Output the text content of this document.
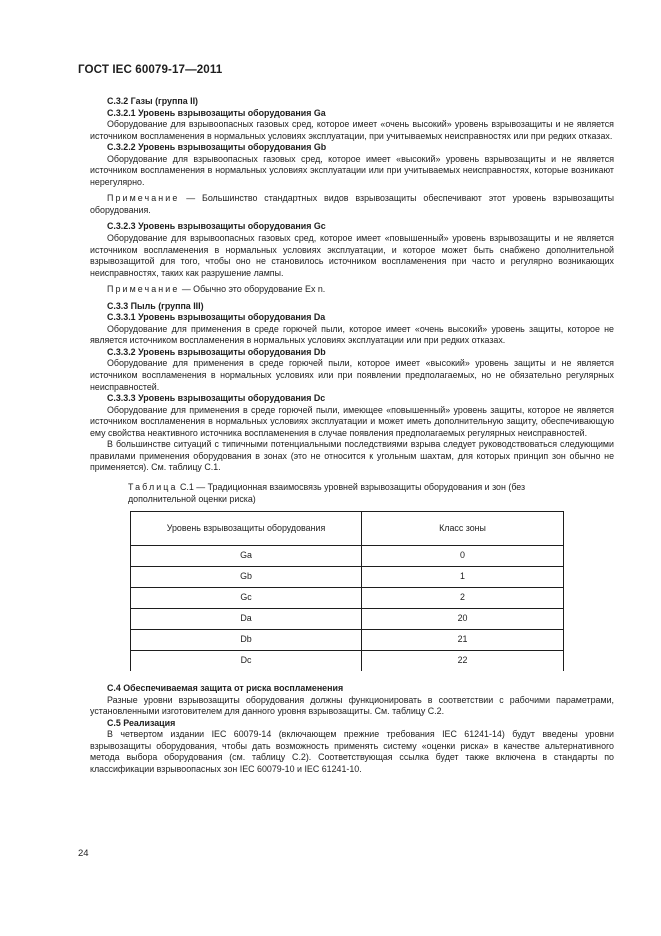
ГОСТ IEC 60079-17—2011
С.3.2 Газы (группа II)
С.3.2.1 Уровень взрывозащиты оборудования Ga
Оборудование для взрывоопасных газовых сред, которое имеет «очень высокий» уровень взрывозащиты и не является источником воспламенения в нормальных условиях эксплуатации, при учитываемых неисправностях или при редких отказах.
С.3.2.2 Уровень взрывозащиты оборудования Gb
Оборудование для взрывоопасных газовых сред, которое имеет «высокий» уровень взрывозащиты и не является источником воспламенения в нормальных условиях эксплуатации или при учитываемых неисправностях, которые возникают нерегулярно.
Примечание — Большинство стандартных видов взрывозащиты обеспечивают этот уровень взрывозащиты оборудования.
С.3.2.3 Уровень взрывозащиты оборудования Gc
Оборудование для взрывоопасных газовых сред, которое имеет «повышенный» уровень взрывозащиты и не является источником воспламенения в нормальных условиях эксплуатации, и которое может быть снабжено дополнительной взрывозащитой для того, чтобы оно не становилось источником воспламенения при часто и регулярно возникающих неисправностях, таких как разрушение лампы.
Примечание — Обычно это оборудование Ex n.
С.3.3 Пыль (группа III)
С.3.3.1 Уровень взрывозащиты оборудования Da
Оборудование для применения в среде горючей пыли, которое имеет «очень высокий» уровень защиты, которое не является источником воспламенения в нормальных условиях эксплуатации или при редких отказах.
С.3.3.2 Уровень взрывозащиты оборудования Db
Оборудование для применения в среде горючей пыли, которое имеет «высокий» уровень защиты и не является источником воспламенения в нормальных условиях или при появлении предполагаемых, но не обязательно регулярных неисправностей.
С.3.3.3 Уровень взрывозащиты оборудования Dc
Оборудование для применения в среде горючей пыли, имеющее «повышенный» уровень защиты, которое не является источником воспламенения в нормальных условиях эксплуатации и может иметь дополнительную защиту, обеспечивающую ему свойства неактивного источника воспламенения в случае появления предполагаемых регулярных неисправностей.
В большинстве ситуаций с типичными потенциальными последствиями взрыва следует руководствоваться следующими правилами применения оборудования в зонах (это не относится к угольным шахтам, для которых принцип зон обычно не применяется). См. таблицу С.1.
Таблица С.1 — Традиционная взаимосвязь уровней взрывозащиты оборудования и зон (без дополнительной оценки риска)
Уровень взрывозащиты оборудования	Класс зоны
Ga	0
Gb	1
Gc	2
Da	20
Db	21
Dc	22
С.4 Обеспечиваемая защита от риска воспламенения
Разные уровни взрывозащиты оборудования должны функционировать в соответствии с рабочими параметрами, установленными изготовителем для данного уровня взрывозащиты. См. таблицу С.2.
С.5 Реализация
В четвертом издании IEC 60079-14 (включающем прежние требования IEC 61241-14) будут введены уровни взрывозащиты оборудования, чтобы дать возможность применять систему «оценки риска» в качестве альтернативного метода выбора оборудования (см. таблицу С.2). Соответствующая ссылка будет также включена в стандарты по классификации взрывоопасных зон IEC 60079-10 и IEC 61241-10.
24
